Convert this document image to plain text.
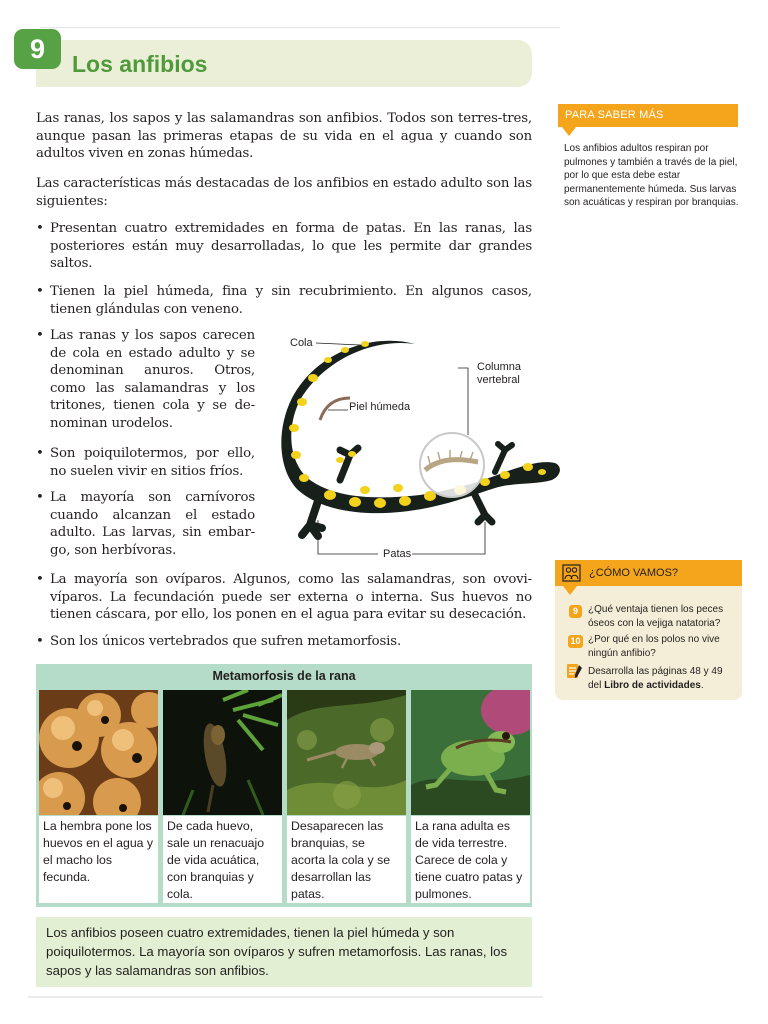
9	Los anfibios
Las ranas, los sapos y las salamandras son anfibios. Todos son terres-tres, aunque pasan las primeras etapas de su vida en el agua y cuando son adultos viven en zonas húmedas.
Las características más destacadas de los anfibios en estado adulto son las siguientes:
• Presentan cuatro extremidades en forma de patas. En las ranas, las posteriores están muy desarrolladas, lo que les permite dar grandes saltos.
• Tienen la piel húmeda, fina y sin recubrimiento. En algunos casos, tienen glándulas con veneno.
• Las ranas y los sapos carecen de cola en estado adulto y se denominan anuros. Otros, como las salamandras y los tritones, tienen cola y se de-nominan urodelos.
• Son poiquilotermos, por ello, no suelen vivir en sitios fríos.
• La mayoría son carnívoros cuando alcanzan el estado adulto. Las larvas, sin embar-go, son herbívoras.
• La mayoría son ovíparos. Algunos, como las salamandras, son ovovi-víparos. La fecundación puede ser externa o interna. Sus huevos no tienen cáscara, por ello, los ponen en el agua para evitar su desecación.
• Son los únicos vertebrados que sufren metamorfosis.
Cola
Columna vertebral
Piel húmeda
Patas
PARA SABER MÁS
Los anfibios adultos respiran por pulmones y también a través de la piel, por lo que esta debe estar permanentemente húmeda. Sus larvas son acuáticas y respiran por branquias.
¿CÓMO VAMOS?
9	¿Qué ventaja tienen los peces óseos con la vejiga natatoria?
10 ¿Por qué en los polos no vive ningún anfibio?
Desarrolla las páginas 48 y 49 del Libro de actividades.
Metamorfosis de la rana
La hembra pone los huevos en el agua y el macho los fecunda.
De cada huevo, sale un renacuajo de vida acuática, con branquias y cola.
Desaparecen las branquias, se acorta la cola y se desarrollan las patas.
La rana adulta es de vida terrestre. Carece de cola y tiene cuatro patas y pulmones.
Los anfibios poseen cuatro extremidades, tienen la piel húmeda y son poiquilotermos. La mayoría son ovíparos y sufren metamorfosis. Las ranas, los sapos y las salamandras son anfibios.
